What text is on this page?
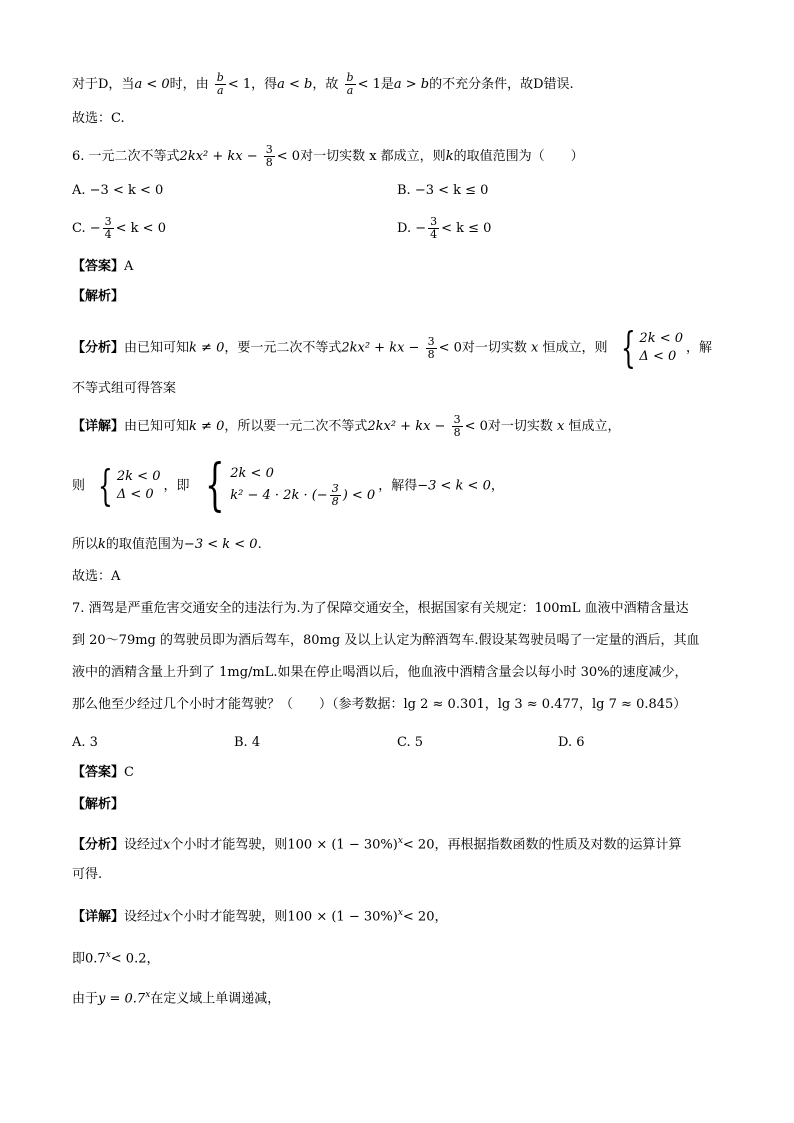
对于D，当a < 0时，由 $\frac{b}{a} < 1$，得a < b，故 $\frac{b}{a} < 1$是a > b的不充分条件，故D错误.
故选：C.
6. 一元二次不等式2kx² + kx − $\frac{3}{8} < 0$对一切实数 x 都成立，则k的取值范围为（　　）
A. −3 < k < 0	B. −3 < k ≤ 0
C. − $\frac{3}{4} < k < 0$	D. − $\frac{3}{4} < k \le 0$
【答案】A
【解析】
【分析】由已知可知k ≠ 0，要一元二次不等式2kx² + kx − $\frac{3}{8} < 0$对一切实数 x 恒成立，则 { 2k < 0
Δ < 0
，解
不等式组可得答案
【详解】由已知可知k ≠ 0，所以要一元二次不等式2kx² + kx − $\frac{3}{8} < 0$对一切实数 x 恒成立，
则 { 2k < 0
Δ < 0
，即 { 2k < 0
k² − 4 · 2k · (− $\frac{3}{8}$ ) < 0
，解得−3 < k < 0，
所以k的取值范围为−3 < k < 0.
故选：A
7. 酒驾是严重危害交通安全的违法行为.为了保障交通安全，根据国家有关规定：100mL 血液中酒精含量达
到 20～79mg 的驾驶员即为酒后驾车，80mg 及以上认定为醉酒驾车.假设某驾驶员喝了一定量的酒后，其血
液中的酒精含量上升到了 1mg/mL.如果在停止喝酒以后，他血液中酒精含量会以每小时 30%的速度减少，
那么他至少经过几个小时才能驾驶？（　　）（参考数据：lg 2 ≈ 0.301，lg 3 ≈ 0.477，lg 7 ≈ 0.845）
A. 3	B. 4	C. 5	D. 6
【答案】C
【解析】
【分析】设经过x个小时才能驾驶，则$100 \times (1 - 30\%)^x< 20$，再根据指数函数的性质及对数的运算计算
可得.
【详解】设经过x个小时才能驾驶，则$100 \times (1 - 30\%)^x< 20$，
即$0.7^x< 0.2$，
由于$y = 0.7^x$在定义域上单调递减，
